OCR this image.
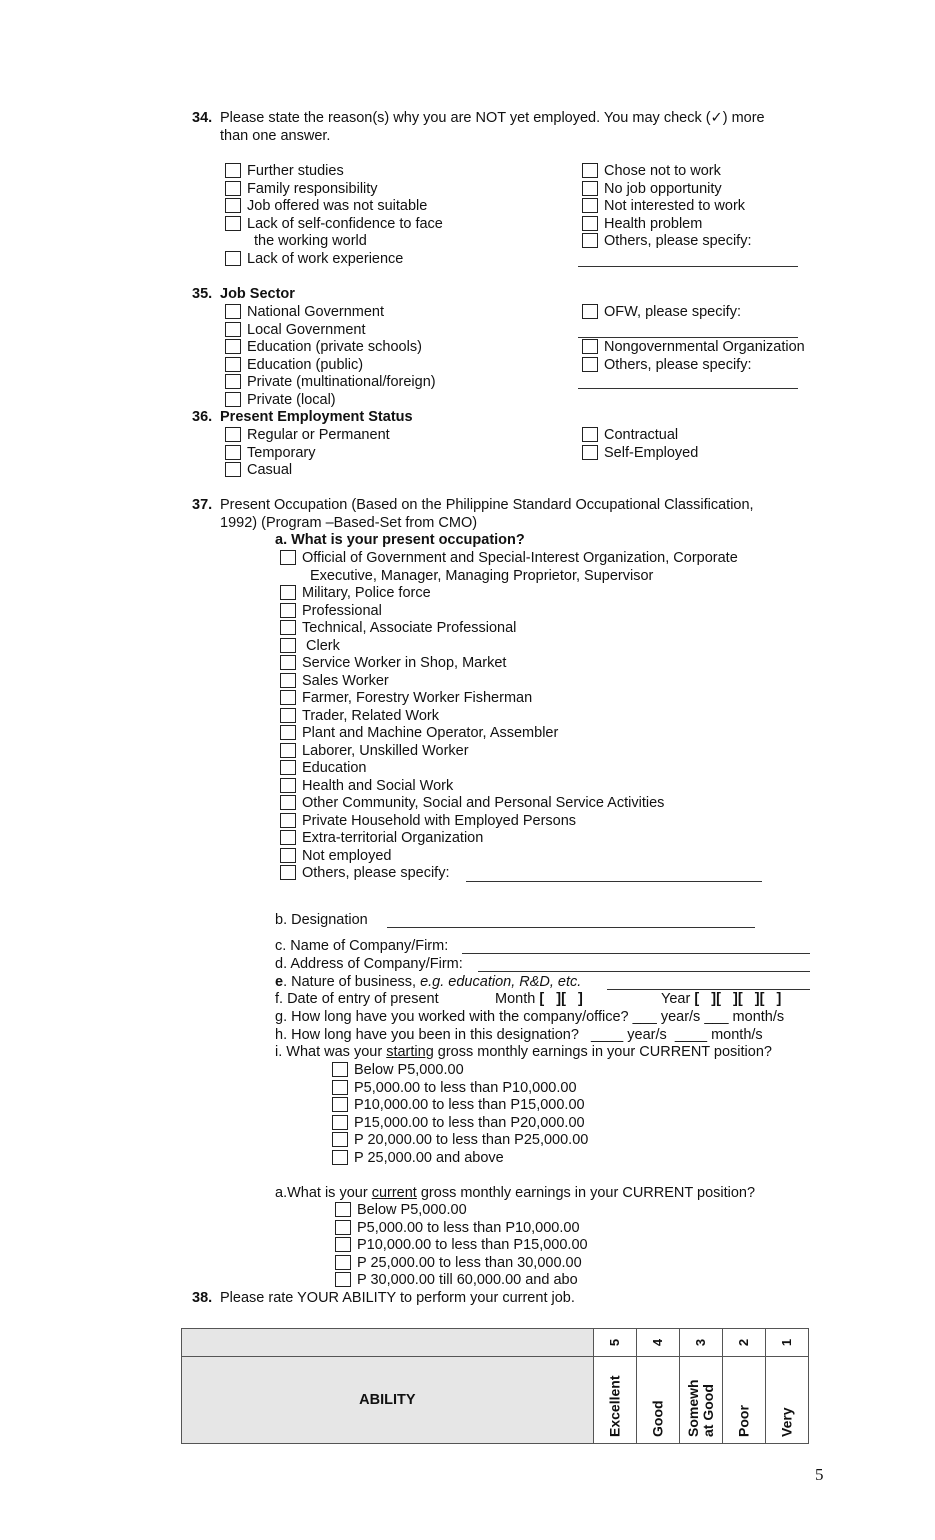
34. Please state the reason(s) why you are NOT yet employed. You may check (✓) more
than one answer.
Further studies
Family responsibility
Job offered was not suitable
Lack of self-confidence to face
the working world
Lack of work experience
Chose not to work
No job opportunity
Not interested to work
Health problem
Others, please specify:
35. Job Sector
National Government
Local Government
Education (private schools)
Education (public)
Private (multinational/foreign)
Private (local)
OFW, please specify:
Nongovernmental Organization
Others, please specify:
36. Present Employment Status
Regular or Permanent
Temporary
Casual
Contractual
Self-Employed
37. Present Occupation (Based on the Philippine Standard Occupational Classification,
1992) (Program –Based-Set from CMO)
a. What is your present occupation?
Official of Government and Special-Interest Organization, Corporate
Executive, Manager, Managing Proprietor, Supervisor
Military, Police force
Professional
Technical, Associate Professional
Clerk
Service Worker in Shop, Market
Sales Worker
Farmer, Forestry Worker Fisherman
Trader, Related Work
Plant and Machine Operator, Assembler
Laborer, Unskilled Worker
Education
Health and Social Work
Other Community, Social and Personal Service Activities
Private Household with Employed Persons
Extra-territorial Organization
Not employed
Others, please specify:
b. Designation
c. Name of Company/Firm:
d. Address of Company/Firm:
e. Nature of business, e.g. education, R&D, etc.
f. Date of entry of present	Month [   ][   ]	Year [   ][   ][   ][   ]
g. How long have you worked with the company/office? ___ year/s ___ month/s
h. How long have you been in this designation?   ____ year/s  ____ month/s
i. What was your starting gross monthly earnings in your CURRENT position?
Below P5,000.00
P5,000.00 to less than P10,000.00
P10,000.00 to less than P15,000.00
P15,000.00 to less than P20,000.00
P 20,000.00 to less than P25,000.00
P 25,000.00 and above
a.What is your current gross monthly earnings in your CURRENT position?
Below P5,000.00
P5,000.00 to less than P10,000.00
P10,000.00 to less than P15,000.00
P 25,000.00 to less than 30,000.00
P 30,000.00 till 60,000.00 and abo
38. Please rate YOUR ABILITY to perform your current job.
	5	4	3	2	1
ABILITY	Excellent	Good	Somewh at Good	Poor	Very
5
